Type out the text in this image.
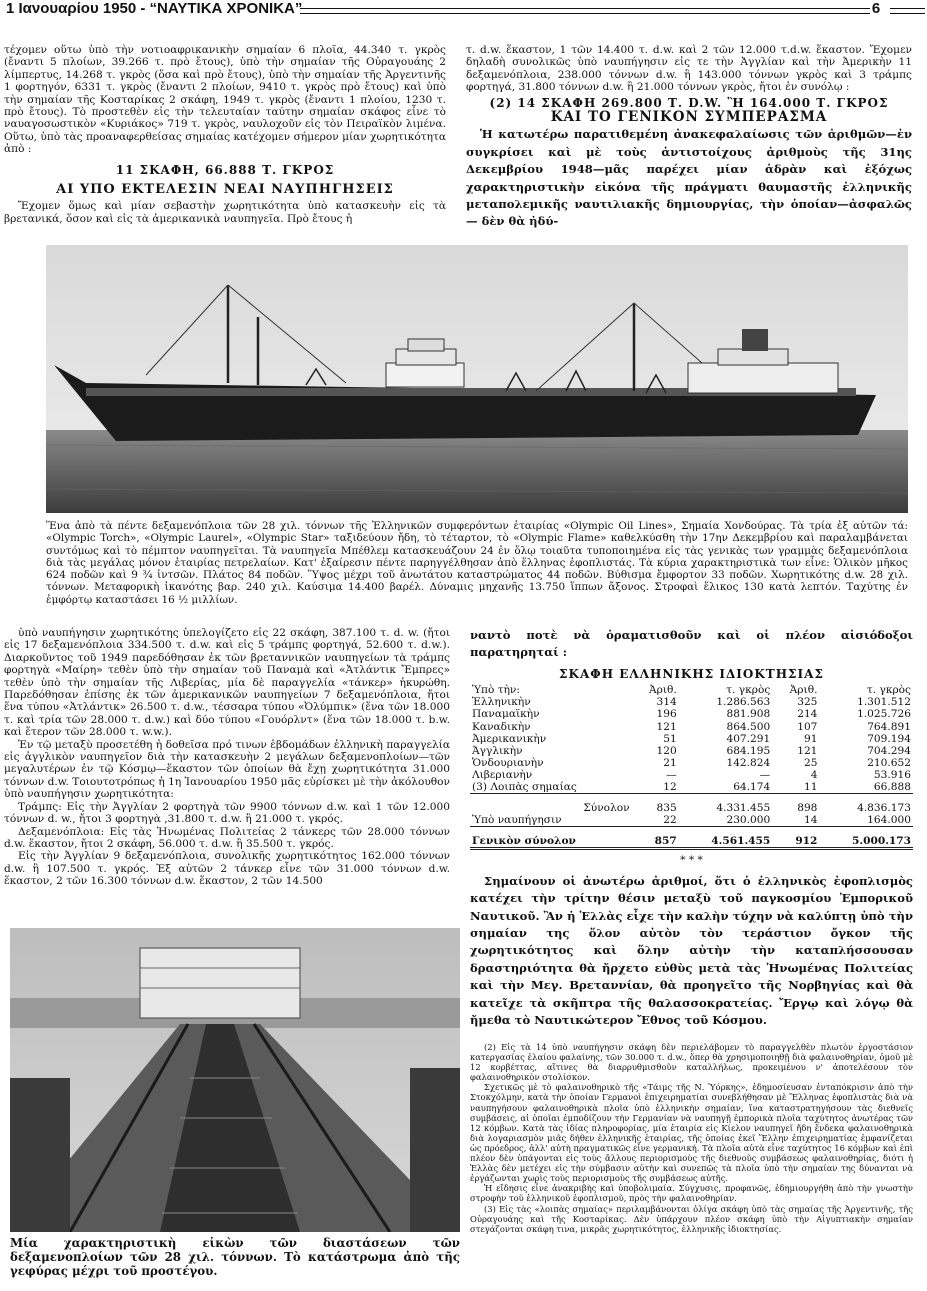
1 Ιανουαρίου 1950 - “ΝΑΥΤΙΚΑ ΧΡΟΝΙΚΑ”	6

τέχομεν οὕτω ὑπὸ τὴν νοτιοαφρικανικὴν σημαίαν 6 πλοῖα, 44.340 τ. γκρὸς (ἔναντι 5 πλοίων, 39.266 τ. πρὸ ἔτους), ὑπὸ τὴν σημαίαν τῆς Οὐραγουάης 2 λίμπερτυς, 14.268 τ. γκρὸς (ὅσα καὶ πρὸ ἔτους), ὑπὸ τὴν σημαίαν τῆς Ἀργεντινῆς 1 φορτηγόν, 6331 τ. γκρὸς (ἔναντι 2 πλοίων, 9410 τ. γκρὸς πρὸ ἔτους) καὶ ὑπὸ τὴν σημαίαν τῆς Κοσταρίκας 2 σκάφη, 1949 τ. γκρὸς (ἔναντι 1 πλοίου, 1230 τ. πρὸ ἔτους). Τὸ προστεθὲν εἰς τὴν τελευταίαν ταύτην σημαίαν σκάφος εἶνε τὸ ναυαγοσωστικὸν «Κυριάκος» 719 τ. γκρὸς, ναυλοχοῦν εἰς τὸν Πειραϊκὸν λιμένα. Οὕτω, ὑπὸ τὰς προαναφερθείσας σημαίας κατέχομεν σήμερον μίαν χωρητικότητα ἀπὸ :

11 ΣΚΑΦΗ, 66.888 Τ. ΓΚΡΟΣ

ΑΙ ΥΠΟ ΕΚΤΕΛΕΣΙΝ ΝΕΑΙ ΝΑΥΠΗΓΗΣΕΙΣ

Ἔχομεν ὅμως καὶ μίαν σεβαστὴν χωρητικότητα ὑπὸ κατασκευὴν εἰς τὰ βρετανικά, ὅσον καὶ εἰς τὰ ἀμερικανικὰ ναυπηγεῖα. Πρὸ ἔτους ἡ

τ. d.w. ἕκαστον, 1 τῶν 14.400 τ. d.w. καὶ 2 τῶν 12.000 τ.d.w. ἕκαστον. Ἔχομεν δηλαδὴ συνολικῶς ὑπὸ ναυπήγησιν εἰς τε τὴν Ἀγγλίαν καὶ τὴν Ἀμερικὴν 11 δεξαμενόπλοια, 238.000 τόννων d.w. ἢ 143.000 τόννων γκρὸς καὶ 3 τράμπς φορτηγά, 31.800 τόννων d.w. ἢ 21.000 τόννων γκρὸς, ἤτοι ἐν συνόλῳ :

(2) 14 ΣΚΑΦΗ 269.800 Τ. D.W. Ἢ 164.000 Τ. ΓΚΡΟΣ

ΚΑΙ ΤΟ ΓΕΝΙΚΟΝ ΣΥΜΠΕΡΑΣΜΑ

Ἡ κατωτέρω παρατιθεμένη ἀνακεφαλαίωσις τῶν ἀριθμῶν—ἐν συγκρίσει καὶ μὲ τοὺς ἀντιστοίχους ἀριθμοὺς τῆς 31ης Δεκεμβρίου 1948—μᾶς παρέχει μίαν ἁδρὰν καὶ ἐξόχως χαρακτηριστικὴν εἰκόνα τῆς πράγματι θαυμαστῆς ἑλληνικῆς μεταπολεμικῆς ναυτιλιακῆς δημιουργίας, τὴν ὁποίαν—ἀσφαλῶς— δὲν θὰ ἠδύ-

Ἕνα ἀπὸ τὰ πέντε δεξαμενόπλοια τῶν 28 χιλ. τόννων τῆς Ἑλληνικῶν συμφερόντων ἑταιρίας «Olympic Oil Lines», Σημαία Χονδούρας. Τὰ τρία ἐξ αὐτῶν τά: «Olympic Torch», «Olympic Laurel», «Olympic Star» ταξιδεύουν ἤδη, τὸ τέταρτον, τὸ «Olympic Flame» καθελκύσθη τὴν 17ην Δεκεμβρίου καὶ παραλαμβάνεται συντόμως καὶ τὸ πέμπτον ναυπηγεῖται. Τὰ ναυπηγεῖα Μπέθλεμ κατασκευάζουν 24 ἐν ὅλῳ τοιαῦτα τυποποιημένα εἰς τὰς γενικὰς των γραμμὰς δεξαμενόπλοια διὰ τὰς μεγάλας μόνον ἑταιρίας πετρελαίων. Κατ' ἐξαίρεσιν πέντε παρηγγέλθησαν ἀπὸ ἕλληνας ἐφοπλιστάς. Τὰ κύρια χαρακτηριστικὰ των εἶνε: Ὁλικὸν μῆκος 624 ποδῶν καὶ 9 ¾ ἰντσῶν. Πλάτος 84 ποδῶν. Ὕψος μέχρι τοῦ ἀνωτάτου καταστρώματος 44 ποδῶν. Βύθισμα ἔμφορτον 33 ποδῶν. Χωρητικότης d.w. 28 χιλ. τόννων. Μεταφορικὴ ἱκανότης βαρ. 240 χιλ. Καύσιμα 14.400 βαρέλ. Δύναμις μηχανῆς 13.750 ἵππων ἄξονος. Στροφαὶ ἕλικος 130 κατὰ λεπτόν. Ταχύτης ἐν ἐμφόρτῳ καταστάσει 16 ½ μιλλίων.

ὑπὸ ναυπήγησιν χωρητικότης ὑπελογίζετο εἰς 22 σκάφη, 387.100 τ. d. w. (ἤτοι εἰς 17 δεξαμενόπλοια 334.500 τ. d.w. καὶ εἰς 5 τράμπς φορτηγά, 52.600 τ. d.w.). Διαρκοῦντος τοῦ 1949 παρεδόθησαν ἐκ τῶν βρεταννικῶν ναυπηγείων τὰ τράμπς φορτηγὰ «Μαίρη» τεθὲν ὑπὸ τὴν σημαίαν τοῦ Παναμὰ καὶ «Ἀτλάντικ Ἔμπρες» τεθὲν ὑπὸ τὴν σημαίαν τῆς Λιβερίας, μία δὲ παραγγελία «τάνκερ» ἠκυρώθη. Παρεδόθησαν ἐπίσης ἐκ τῶν ἀμερικανικῶν ναυπηγείων 7 δεξαμενόπλοια, ἤτοι ἕνα τύπου «Ἀτλάντικ» 26.500 τ. d.w., τέσσαρα τύπου «Ὀλύμπικ» (ἕνα τῶν 18.000 τ. καὶ τρία τῶν 28.000 τ. d.w.) καὶ δύο τύπου «Γουόρλντ» (ἕνα τῶν 18.000 τ. b.w. καὶ ἕτερον τῶν 28.000 τ. w.w.).

Ἐν τῷ μεταξὺ προσετέθη ἡ δοθεῖσα πρό τινων ἑβδομάδων ἑλληνικὴ παραγγελία εἰς ἀγγλικὸν ναυπηγεῖον διὰ τὴν κατασκευὴν 2 μεγάλων δεξαμενοπλοίων—τῶν μεγαλυτέρων ἐν τῷ Κόσμῳ—ἕκαστον τῶν ὁποίων θὰ ἔχῃ χωρητικότητα 31.000 τόννων d.w. Τοιουτοτρόπως ἡ 1η Ἰανουαρίου 1950 μᾶς εὑρίσκει μὲ τὴν ἀκόλουθον ὑπὸ ναυπήγησιν χωρητικότητα:

Τράμπς: Εἰς τὴν Ἀγγλίαν 2 φορτηγὰ τῶν 9900 τόννων d.w. καὶ 1 τῶν 12.000 τόννων d. w., ἤτοι 3 φορτηγὰ ,31.800 τ. d.w. ἢ 21.000 τ. γκρός.

Δεξαμενόπλοια: Εἰς τὰς Ἡνωμένας Πολιτείας 2 τάνκερς τῶν 28.000 τόννων d.w. ἕκαστον, ἤτοι 2 σκάφη, 56.000 τ. d.w. ἢ 35.500 τ. γκρός.

Εἰς τὴν Ἀγγλίαν 9 δεξαμενόπλοια, συνολικῆς χωρητικότητος 162.000 τόννων d.w. ἢ 107.500 τ. γκρός. Ἐξ αὐτῶν 2 τάνκερ εἶνε τῶν 31.000 τόννων d.w. ἕκαστον, 2 τῶν 16.300 τόννων d.w. ἕκαστον, 2 τῶν 14.500

Μία χαρακτηριστικὴ εἰκὼν τῶν διαστάσεων τῶν δεξαμενοπλοίων τῶν 28 χιλ. τόννων. Τὸ κατάστρωμα ἀπὸ τῆς γεφύρας μέχρι τοῦ προστέγου.

ναντὸ ποτὲ νὰ ὁραματισθοῦν καὶ οἱ πλέον αἰσιόδοξοι παρατηρηταί :

ΣΚΑΦΗ ΕΛΛΗΝΙΚΗΣ ΙΔΙΟΚΤΗΣΙΑΣ

Ὑπὸ τὴν:	Ἀριθ.	τ. γκρὸς	Ἀριθ.	τ. γκρὸς
Ἑλληνικὴν	314	1.286.563	325	1.301.512
Παναμαϊκὴν	196	881.908	214	1.025.726
Καναδικὴν	121	864.500	107	764.891
Ἀμερικανικὴν	51	407.291	91	709.194
Ἀγγλικὴν	120	684.195	121	704.294
Ὁνδουριανὴν	21	142.824	25	210.652
Λιβεριανὴν	—	—	4	53.916
(3) Λοιπὰς σημαίας	12	64.174	11	66.888

Σύνολον	835	4.331.455	898	4.836.173
Ὑπὸ ναυπήγησιν	22	230.000	14	164.000

Γενικὸν σύνολον	857	4.561.455	912	5.000.173

* * *

Σημαίνουν οἱ ἀνωτέρω ἀριθμοί, ὅτι ὁ ἑλληνικὸς ἐφοπλισμὸς κατέχει τὴν τρίτην θέσιν μεταξὺ τοῦ παγκοσμίου Ἐμπορικοῦ Ναυτικοῦ. Ἂν ἡ Ἑλλὰς εἶχε τὴν καλὴν τύχην νὰ καλύπτῃ ὑπὸ τὴν σημαίαν της ὅλον αὐτὸν τὸν τεράστιον ὄγκον τῆς χωρητικότητος καὶ ὅλην αὐτὴν τὴν καταπλήσσουσαν δραστηριότητα θὰ ἤρχετο εὐθὺς μετὰ τὰς Ἡνωμένας Πολιτείας καὶ τὴν Μεγ. Βρεταννίαν, θὰ προηγεῖτο τῆς Νορβηγίας καὶ θὰ κατεῖχε τὰ σκῆπτρα τῆς θαλασσοκρατείας. Ἔργῳ καὶ λόγῳ θὰ ἤμεθα τὸ Ναυτικώτερον Ἔθνος τοῦ Κόσμου.

(2) Εἰς τὰ 14 ὑπὸ ναυπήγησιν σκάφη δὲν περιελάβομεν τὸ παραγγελθὲν πλωτὸν ἐργοστάσιον κατεργασίας ἐλαίου φαλαίνης, τῶν 30.000 τ. d.w., ὅπερ θὰ χρησιμοποιηθῇ διὰ φαλαινοθηρίαν, ὁμοῦ μὲ 12 κορβέττας, αἵτινες θὰ διαρρυθμισθοῦν καταλλήλως, προκειμένου ν' ἀποτελέσουν τὸν φαλαινοθηρικὸν στολίσκον.

Σχετικῶς μὲ τὸ φαλαινοθηρικὸ τῆς «Τάιμς τῆς Ν. Ὑόρκης», ἐδημοσίευσαν ἐνταπόκρισιν ἀπὸ τὴν Στοκχόλμην, κατὰ τὴν ὁποίαν Γερμανοὶ ἐπιχειρηματίαι συνεβλήθησαν μὲ Ἕλληνας ἐφοπλιστὰς διὰ νὰ ναυπηγήσουν φαλαινοθηρικὰ πλοῖα ὑπὸ ἑλληνικὴν σημαίαν, ἵνα καταστρατηγήσουν τὰς διεθνεῖς συμβάσεις, αἱ ὁποῖαι ἐμποδίζουν τὴν Γερμανίαν νὰ ναυπηγῇ ἐμπορικὰ πλοῖα ταχύτητος ἀνωτέρας τῶν 12 κόμβων. Κατὰ τὰς ἰδίας πληροφορίας, μία ἑταιρία εἰς Κίελον ναυπηγεῖ ἤδη ἕνδεκα φαλαινοθηρικὰ διὰ λογαριασμὸν μιᾶς δήθεν ἑλληνικῆς ἑταιρίας, τῆς ὁποίας ἐκεῖ Ἕλλην ἐπιχειρηματίας ἐμφανίζεται ὡς πρόεδρος, ἀλλ' αὐτὴ πραγματικῶς εἶνε γερμανική. Τὰ πλοῖα αὐτὰ εἶνε ταχύτητος 16 κόμβων καὶ ἐπὶ πλέον δὲν ὑπάγονται εἰς τοὺς ἄλλους περιορισμοὺς τῆς διεθνοῦς συμβάσεως φαλαινοθηρίας, διότι ἡ Ἑλλὰς δὲν μετέχει εἰς τὴν σύμβασιν αὐτὴν καὶ συνεπῶς τὰ πλοῖα ὑπὸ τὴν σημαίαν της δύνανται νὰ ἐργάζωνται χωρὶς τοὺς περιορισμοὺς τῆς συμβάσεως αὐτῆς.

Ἡ εἴδησις εἶνε ἀνακριβὴς καὶ ὑποβολιμαία. Σύγχυσις, προφανῶς, ἐδημιουργήθη ἀπὸ τὴν γνωστὴν στροφὴν τοῦ ἑλληνικοῦ ἐφοπλισμοῦ, πρὸς τὴν φαλαινοθηρίαν.

(3) Εἰς τὰς «λοιπὰς σημαίας» περιλαμβάνονται ὀλίγα σκάφη ὑπὸ τὰς σημαίας τῆς Ἀργεντινῆς, τῆς Οὐραγουάης καὶ τῆς Κοσταρίκας. Δὲν ὑπάρχουν πλέον σκάφη ὑπὸ τὴν Αἰγυπτιακὴν σημαίαν στεγάζονται σκάφη τινα, μικρᾶς χωρητικότητος, ἑλληνικῆς ἰδιοκτησίας.
